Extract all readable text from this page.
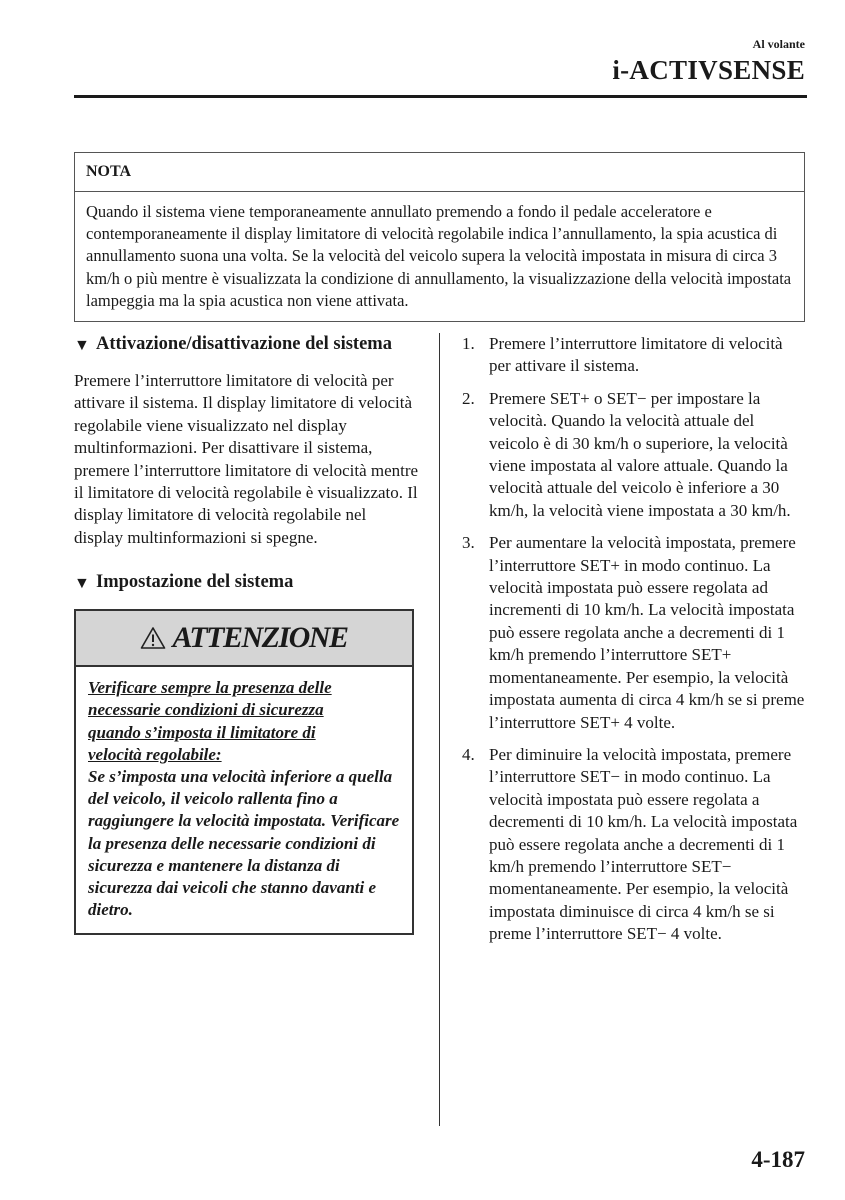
Al volante
i-ACTIVSENSE
NOTA
Quando il sistema viene temporaneamente annullato premendo a fondo il pedale acceleratore e contemporaneamente il display limitatore di velocità regolabile indica l’annullamento, la spia acustica di annullamento suona una volta. Se la velocità del veicolo supera la velocità impostata in misura di circa 3 km/h o più mentre è visualizzata la condizione di annullamento, la visualizzazione della velocità impostata lampeggia ma la spia acustica non viene attivata.
▼ Attivazione/disattivazione del sistema
Premere l’interruttore limitatore di velocità per attivare il sistema. Il display limitatore di velocità regolabile viene visualizzato nel display multinformazioni. Per disattivare il sistema, premere l’interruttore limitatore di velocità mentre il limitatore di velocità regolabile è visualizzato. Il display limitatore di velocità regolabile nel display multinformazioni si spegne.
▼ Impostazione del sistema
ATTENZIONE
Verificare sempre la presenza delle
necessarie condizioni di sicurezza
quando s’imposta il limitatore di
velocità regolabile:
Se s’imposta una velocità inferiore a quella del veicolo, il veicolo rallenta fino a raggiungere la velocità impostata. Verificare la presenza delle necessarie condizioni di sicurezza e mantenere la distanza di sicurezza dai veicoli che stanno davanti e dietro.
1. Premere l’interruttore limitatore di velocità per attivare il sistema.
2. Premere SET+ o SET− per impostare la velocità. Quando la velocità attuale del veicolo è di 30 km/h o superiore, la velocità viene impostata al valore attuale. Quando la velocità attuale del veicolo è inferiore a 30 km/h, la velocità viene impostata a 30 km/h.
3. Per aumentare la velocità impostata, premere l’interruttore SET+ in modo continuo. La velocità impostata può essere regolata ad incrementi di 10 km/h. La velocità impostata può essere regolata anche a decrementi di 1 km/h premendo l’interruttore SET+ momentaneamente. Per esempio, la velocità impostata aumenta di circa 4 km/h se si preme l’interruttore SET+ 4 volte.
4. Per diminuire la velocità impostata, premere l’interruttore SET− in modo continuo. La velocità impostata può essere regolata a decrementi di 10 km/h. La velocità impostata può essere regolata anche a decrementi di 1 km/h premendo l’interruttore SET− momentaneamente. Per esempio, la velocità impostata diminuisce di circa 4 km/h se si preme l’interruttore SET− 4 volte.
4-187
